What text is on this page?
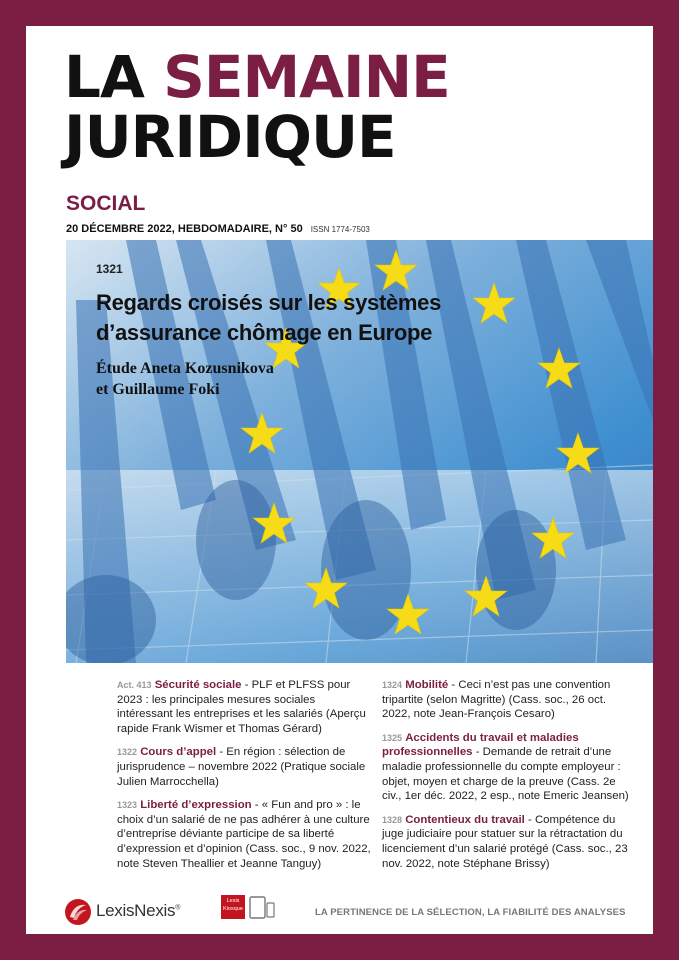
LA SEMAINE
JURIDIQUE
SOCIAL
20 DÉCEMBRE 2022, HEBDOMADAIRE, N° 50 ISSN 1774-7503
1321
Regards croisés sur les systèmes
d’assurance chômage en Europe
Étude Aneta Kozusnikova
et Guillaume Foki
Act. 413 Sécurité sociale - PLF et PLFSS pour 2023 : les principales mesures sociales intéressant les entreprises et les salariés (Aperçu rapide Frank Wismer et Thomas Gérard)
1322 Cours d’appel - En région : sélection de jurisprudence – novembre 2022 (Pratique sociale Julien Marrocchella)
1323 Liberté d’expression - « Fun and pro » : le choix d’un salarié de ne pas adhérer à une culture d’entreprise déviante participe de sa liberté d’expression et d’opinion (Cass. soc., 9 nov. 2022, note Steven Theallier et Jeanne Tanguy)
1324 Mobilité - Ceci n’est pas une convention tripartite (selon Magritte) (Cass. soc., 26 oct. 2022, note Jean-François Cesaro)
1325 Accidents du travail et maladies professionnelles - Demande de retrait d’une maladie professionnelle du compte employeur : objet, moyen et charge de la preuve (Cass. 2e civ., 1er déc. 2022, 2 esp., note Emeric Jeansen)
1328 Contentieux du travail - Compétence du juge judiciaire pour statuer sur la rétractation du licenciement d’un salarié protégé (Cass. soc., 23 nov. 2022, note Stéphane Brissy)
LexisNexis®
Lexis
Kiosque	LA PERTINENCE DE LA SÉLECTION, LA FIABILITÉ DES ANALYSES
